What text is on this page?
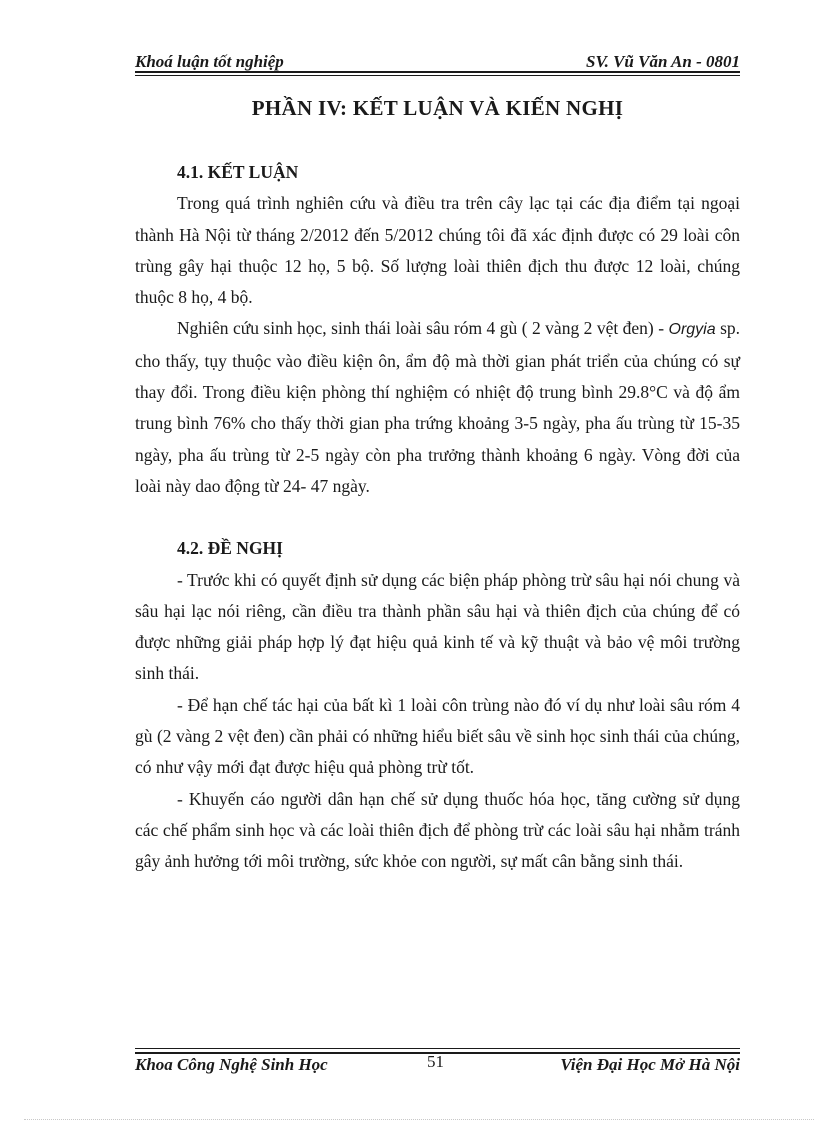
Khoá luận tốt nghiệp	SV. Vũ Văn An - 0801
PHẦN IV: KẾT LUẬN VÀ KIẾN NGHỊ
4.1. KẾT LUẬN

Trong quá trình nghiên cứu và điều tra trên cây lạc tại các địa điểm tại ngoại thành Hà Nội từ tháng 2/2012 đến 5/2012 chúng tôi đã xác định được có 29 loài côn trùng gây hại thuộc 12 họ, 5 bộ. Số lượng loài thiên địch thu được 12 loài, chúng thuộc 8 họ, 4 bộ.

Nghiên cứu sinh học, sinh thái loài sâu róm 4 gù ( 2 vàng 2 vệt đen) - Orgyia sp. cho thấy, tụy thuộc vào điều kiện ôn, ẩm độ mà thời gian phát triển của chúng có sự thay đổi. Trong điều kiện phòng thí nghiệm có nhiệt độ trung bình 29.8°C và độ ẩm trung bình 76% cho thấy thời gian pha trứng khoảng 3-5 ngày, pha ấu trùng từ 15-35 ngày, pha ấu trùng từ 2-5 ngày còn pha trưởng thành khoảng 6 ngày. Vòng đời của loài này dao động từ 24- 47 ngày.

4.2. ĐỀ NGHỊ

- Trước khi có quyết định sử dụng các biện pháp phòng trừ sâu hại nói chung và sâu hại lạc nói riêng, cần điều tra thành phần sâu hại và thiên địch của chúng để có được những giải pháp hợp lý đạt hiệu quả kinh tế và kỹ thuật và bảo vệ môi trường sinh thái.

- Để hạn chế tác hại của bất kì 1 loài côn trùng nào đó ví dụ như loài sâu róm 4 gù (2 vàng 2 vệt đen) cần phải có những hiểu biết sâu về sinh học sinh thái của chúng, có như vậy mới đạt được hiệu quả phòng trừ tốt.

- Khuyến cáo người dân hạn chế sử dụng thuốc hóa học, tăng cường sử dụng các chế phẩm sinh học và các loài thiên địch để phòng trừ các loài sâu hại nhằm tránh gây ảnh hưởng tới môi trường, sức khỏe con người, sự mất cân bằng sinh thái.

Khoa Công Nghệ Sinh Học	51	Viện Đại Học Mở Hà Nội
